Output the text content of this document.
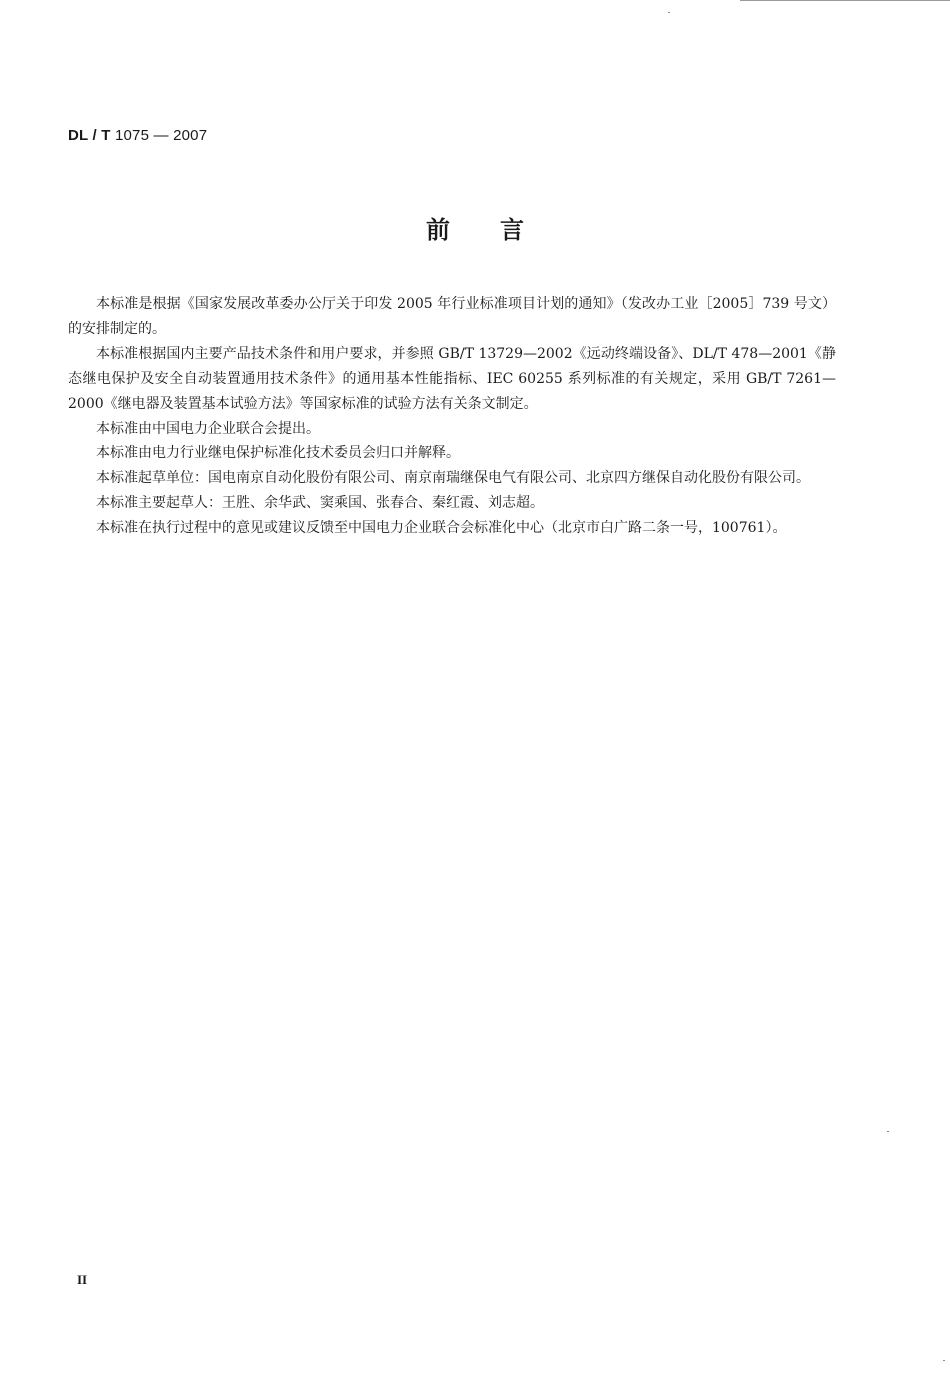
DL / T 1075 — 2007
前言

本标准是根据《国家发展改革委办公厅关于印发 2005 年行业标准项目计划的通知》（发改办工业［2005］739 号文）的安排制定的。

本标准根据国内主要产品技术条件和用户要求，并参照 GB/T 13729—2002《远动终端设备》、DL/T 478—2001《静态继电保护及安全自动装置通用技术条件》的通用基本性能指标、IEC 60255 系列标准的有关规定，采用 GB/T 7261—2000《继电器及装置基本试验方法》等国家标准的试验方法有关条文制定。

本标准由中国电力企业联合会提出。

本标准由电力行业继电保护标准化技术委员会归口并解释。

本标准起草单位：国电南京自动化股份有限公司、南京南瑞继保电气有限公司、北京四方继保自动化股份有限公司。

本标准主要起草人：王胜、余华武、窦乘国、张春合、秦红霞、刘志超。

本标准在执行过程中的意见或建议反馈至中国电力企业联合会标准化中心（北京市白广路二条一号，100761）。

II
